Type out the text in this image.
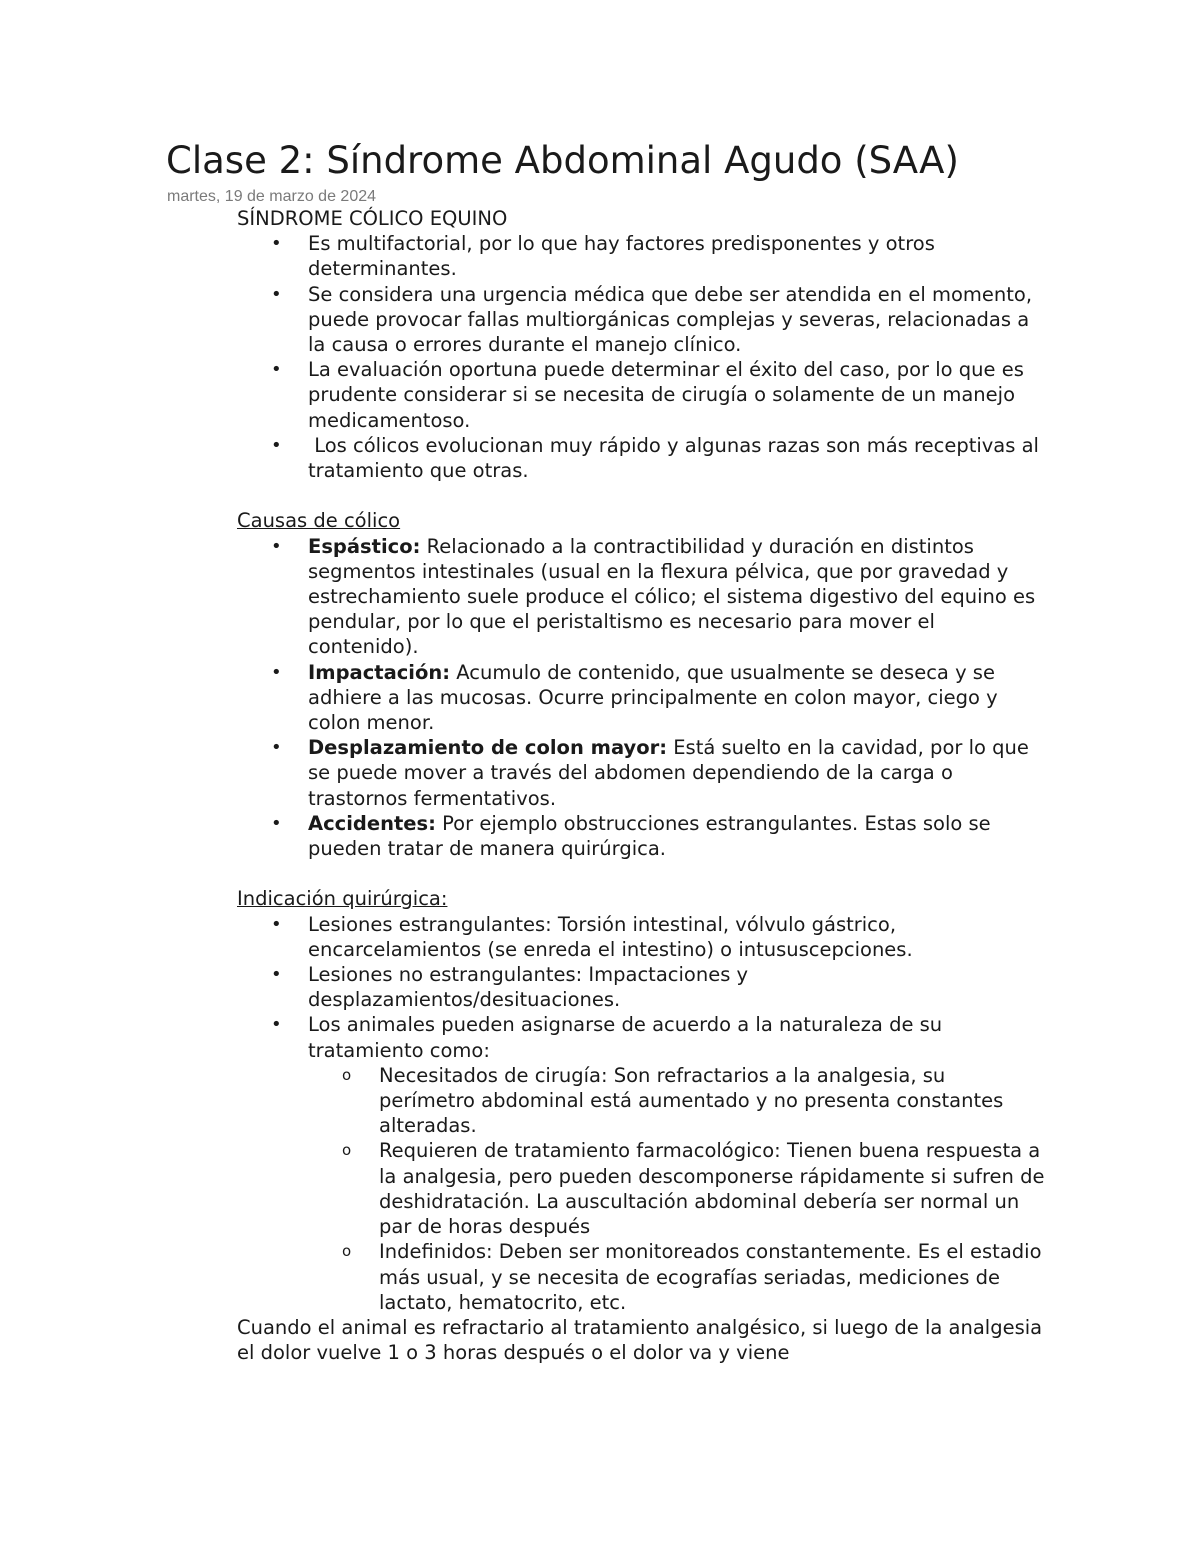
Clase 2: Síndrome Abdominal Agudo (SAA)
martes, 19 de marzo de 2024

SÍNDROME CÓLICO EQUINO

• Es multifactorial, por lo que hay factores predisponentes y otros determinantes.
• Se considera una urgencia médica que debe ser atendida en el momento, puede provocar fallas multiorgánicas complejas y severas, relacionadas a la causa o errores durante el manejo clínico.
• La evaluación oportuna puede determinar el éxito del caso, por lo que es prudente considerar si se necesita de cirugía o solamente de un manejo medicamentoso.
• Los cólicos evolucionan muy rápido y algunas razas son más receptivas al tratamiento que otras.

Causas de cólico

• Espástico: Relacionado a la contractibilidad y duración en distintos segmentos intestinales (usual en la flexura pélvica, que por gravedad y estrechamiento suele produce el cólico; el sistema digestivo del equino es pendular, por lo que el peristaltismo es necesario para mover el contenido).
• Impactación: Acumulo de contenido, que usualmente se deseca y se adhiere a las mucosas. Ocurre principalmente en colon mayor, ciego y colon menor.
• Desplazamiento de colon mayor: Está suelto en la cavidad, por lo que se puede mover a través del abdomen dependiendo de la carga o trastornos fermentativos.
• Accidentes: Por ejemplo obstrucciones estrangulantes. Estas solo se pueden tratar de manera quirúrgica.

Indicación quirúrgica:

• Lesiones estrangulantes: Torsión intestinal, vólvulo gástrico, encarcelamientos (se enreda el intestino) o intususcepciones.
• Lesiones no estrangulantes: Impactaciones y desplazamientos/desituaciones.
• Los animales pueden asignarse de acuerdo a la naturaleza de su tratamiento como:
o Necesitados de cirugía: Son refractarios a la analgesia, su perímetro abdominal está aumentado y no presenta constantes alteradas.
o Requieren de tratamiento farmacológico: Tienen buena respuesta a la analgesia, pero pueden descomponerse rápidamente si sufren de deshidratación. La auscultación abdominal debería ser normal un par de horas después
o Indefinidos: Deben ser monitoreados constantemente. Es el estadio más usual, y se necesita de ecografías seriadas, mediciones de lactato, hematocrito, etc.

Cuando el animal es refractario al tratamiento analgésico, si luego de la analgesia el dolor vuelve 1 o 3 horas después o el dolor va y viene
